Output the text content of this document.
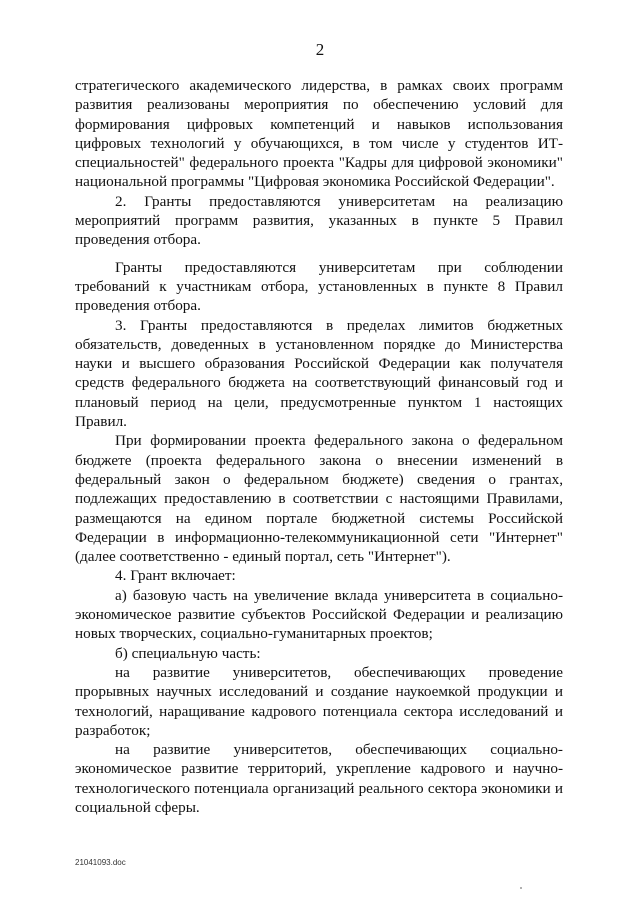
2

стратегического академического лидерства, в рамках своих программ развития реализованы мероприятия по обеспечению условий для формирования цифровых компетенций и навыков использования цифровых технологий у обучающихся, в том числе у студентов ИТ-специальностей" федерального проекта "Кадры для цифровой экономики" национальной программы "Цифровая экономика Российской Федерации".

2. Гранты предоставляются университетам на реализацию мероприятий программ развития, указанных в пункте 5 Правил проведения отбора.

Гранты предоставляются университетам при соблюдении требований к участникам отбора, установленных в пункте 8 Правил проведения отбора.

3. Гранты предоставляются в пределах лимитов бюджетных обязательств, доведенных в установленном порядке до Министерства науки и высшего образования Российской Федерации как получателя средств федерального бюджета на соответствующий финансовый год и плановый период на цели, предусмотренные пунктом 1 настоящих Правил.

При формировании проекта федерального закона о федеральном бюджете (проекта федерального закона о внесении изменений в федеральный закон о федеральном бюджете) сведения о грантах, подлежащих предоставлению в соответствии с настоящими Правилами, размещаются на едином портале бюджетной системы Российской Федерации в информационно-телекоммуникационной сети "Интернет" (далее соответственно - единый портал, сеть "Интернет").

4. Грант включает:

а) базовую часть на увеличение вклада университета в социально-экономическое развитие субъектов Российской Федерации и реализацию новых творческих, социально-гуманитарных проектов;

б) специальную часть:

на развитие университетов, обеспечивающих проведение прорывных научных исследований и создание наукоемкой продукции и технологий, наращивание кадрового потенциала сектора исследований и разработок;

на развитие университетов, обеспечивающих социально-экономическое развитие территорий, укрепление кадрового и научно-технологического потенциала организаций реального сектора экономики и социальной сферы.

21041093.doc
